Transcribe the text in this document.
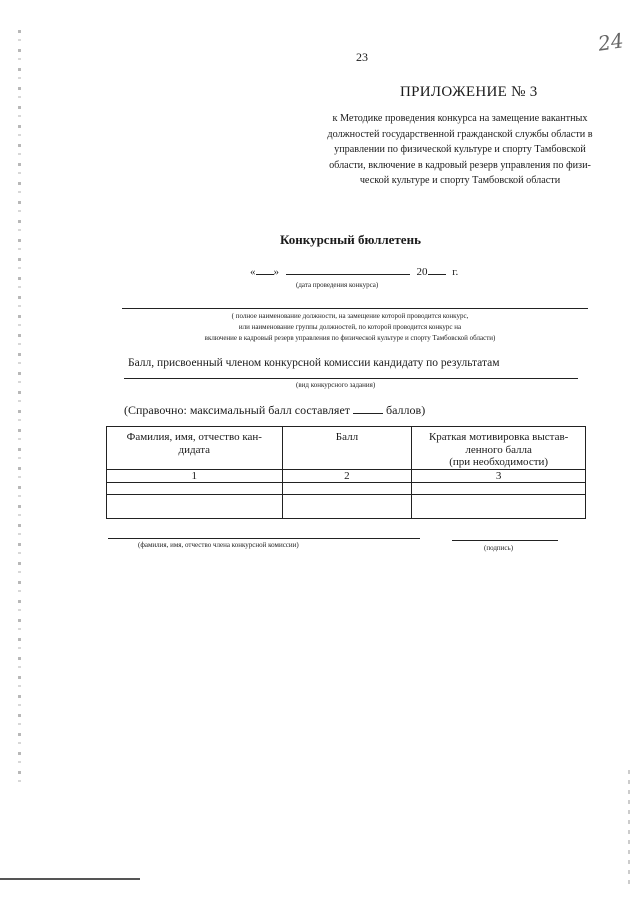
23
24
ПРИЛОЖЕНИЕ № 3
к Методике проведения конкурса на замещение вакантных
должностей государственной гражданской службы области в
управлении по физической культуре и спорту Тамбовской
области, включение в кадровый резерв управления по физи-
ческой культуре и спорту Тамбовской области
Конкурсный бюллетень
« »	20 г.
(дата проведения конкурса)
( полное наименование должности, на замещение которой проводится конкурс,
или наименование группы должностей, по которой проводится конкурс на
включение в кадровый резерв управления по физической культуре и спорту Тамбовской области)
Балл, присвоенный членом конкурсной комиссии кандидату по результатам
(вид конкурсного задания)
(Справочно: максимальный балл составляет	баллов)
Фамилия, имя, отчество кан-
дидата	Балл	Краткая мотивировка выстав-
ленного балла
(при необходимости)
1	2	3

(фамилия, имя, отчество члена конкурсной комиссии)	(подпись)
